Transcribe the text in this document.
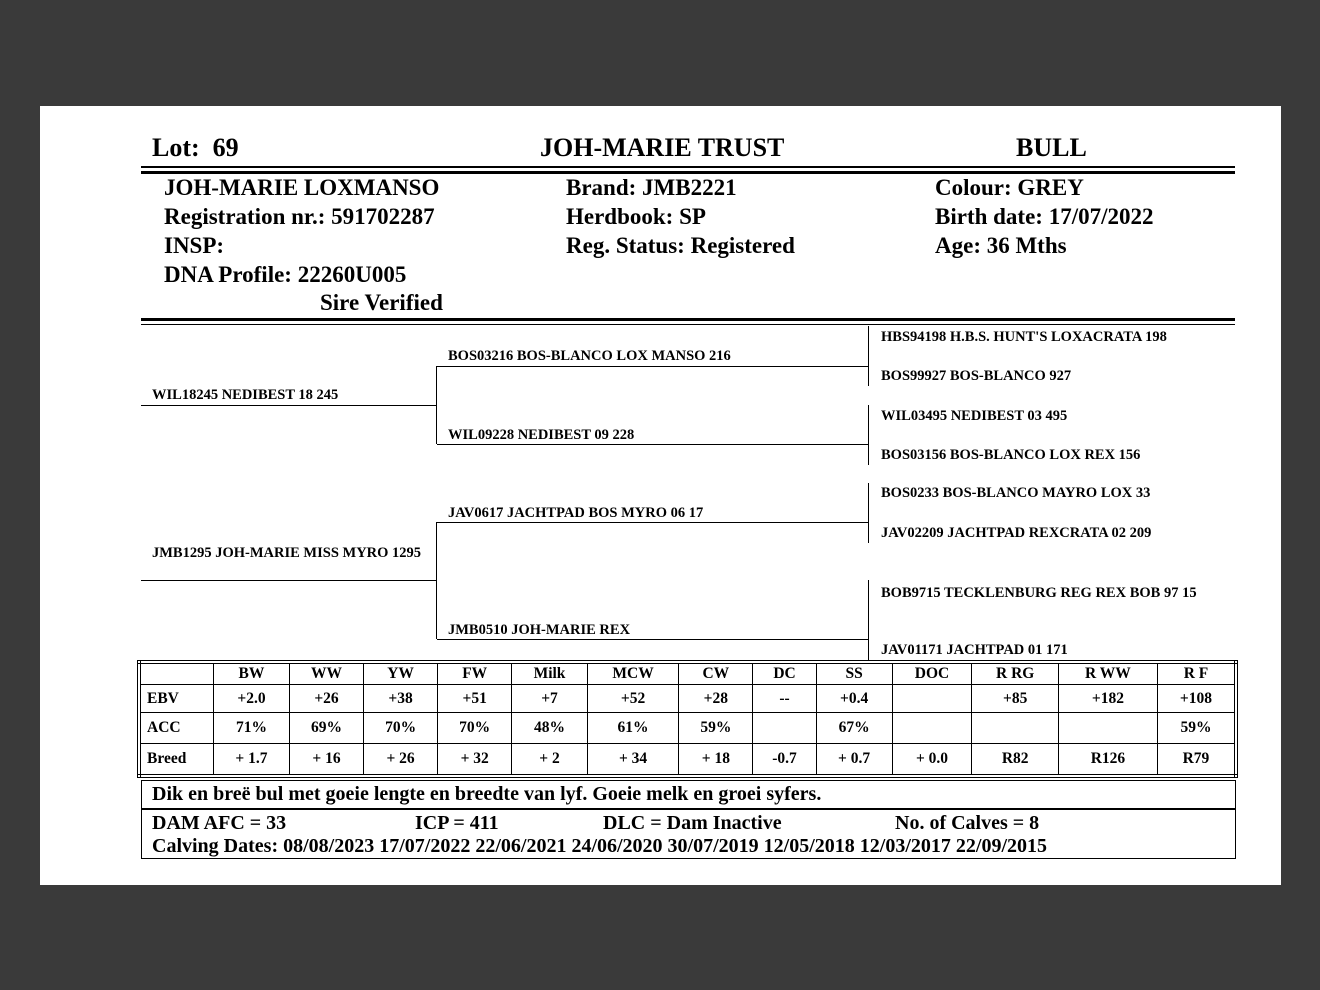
Lot: 69	JOH-MARIE TRUST	BULL
JOH-MARIE LOXMANSO
Registration nr.: 591702287
INSP:
DNA Profile: 22260U005
Sire Verified
Brand: JMB2221
Herdbook: SP
Reg. Status: Registered
Colour: GREY
Birth date: 17/07/2022
Age: 36 Mths
WIL18245 NEDIBEST 18 245
JMB1295 JOH-MARIE MISS MYRO 1295
BOS03216 BOS-BLANCO LOX MANSO 216
WIL09228 NEDIBEST 09 228
JAV0617 JACHTPAD BOS MYRO 06 17
JMB0510 JOH-MARIE REX
HBS94198 H.B.S. HUNT'S LOXACRATA 198
BOS99927 BOS-BLANCO 927
WIL03495 NEDIBEST 03 495
BOS03156 BOS-BLANCO LOX REX 156
BOS0233 BOS-BLANCO MAYRO LOX 33
JAV02209 JACHTPAD REXCRATA 02 209
BOB9715 TECKLENBURG REG REX BOB 97 15
JAV01171 JACHTPAD 01 171
	BW	WW	YW	FW	Milk	MCW	CW	DC	SS	DOC	R RG	R WW	R F
EBV	+2.0	+26	+38	+51	+7	+52	+28	--	+0.4		+85	+182	+108
ACC	71%	69%	70%	70%	48%	61%	59%		67%				59%
Breed	+ 1.7	+ 16	+ 26	+ 32	+ 2	+ 34	+ 18	-0.7	+ 0.7	+ 0.0	R82	R126	R79
Dik en breë bul met goeie lengte en breedte van lyf. Goeie melk en groei syfers.
DAM AFC = 33	ICP = 411	DLC = Dam Inactive	No. of Calves = 8
Calving Dates: 08/08/2023 17/07/2022 22/06/2021 24/06/2020 30/07/2019 12/05/2018 12/03/2017 22/09/2015
